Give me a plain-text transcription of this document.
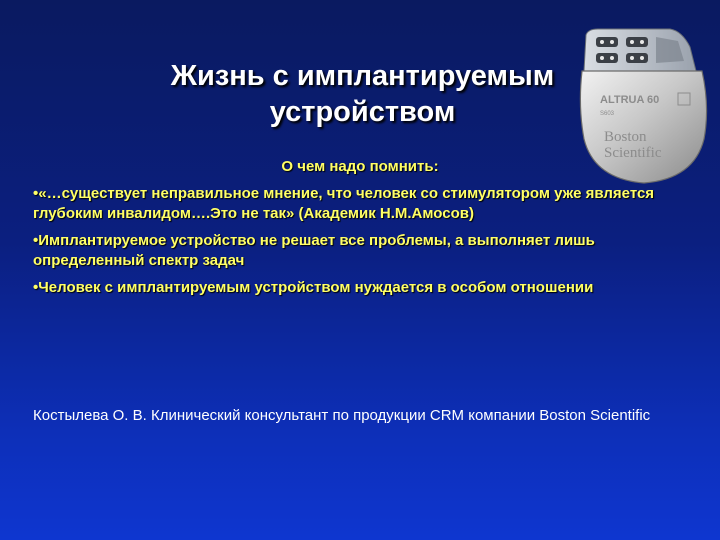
Жизнь с имплантируемым
устройством	ALTRUA 60
S603
Boston
Scientific
О чем надо помнить:
•«…существует неправильное мнение, что человек со стимулятором уже является глубоким инвалидом….Это не так» (Академик Н.М.Амосов)
•Имплантируемое устройство не решает все проблемы, а выполняет лишь определенный спектр задач
•Человек с имплантируемым устройством нуждается в особом отношении
Костылева О. В. Клинический консультант по продукции CRM компании Boston Scientific
